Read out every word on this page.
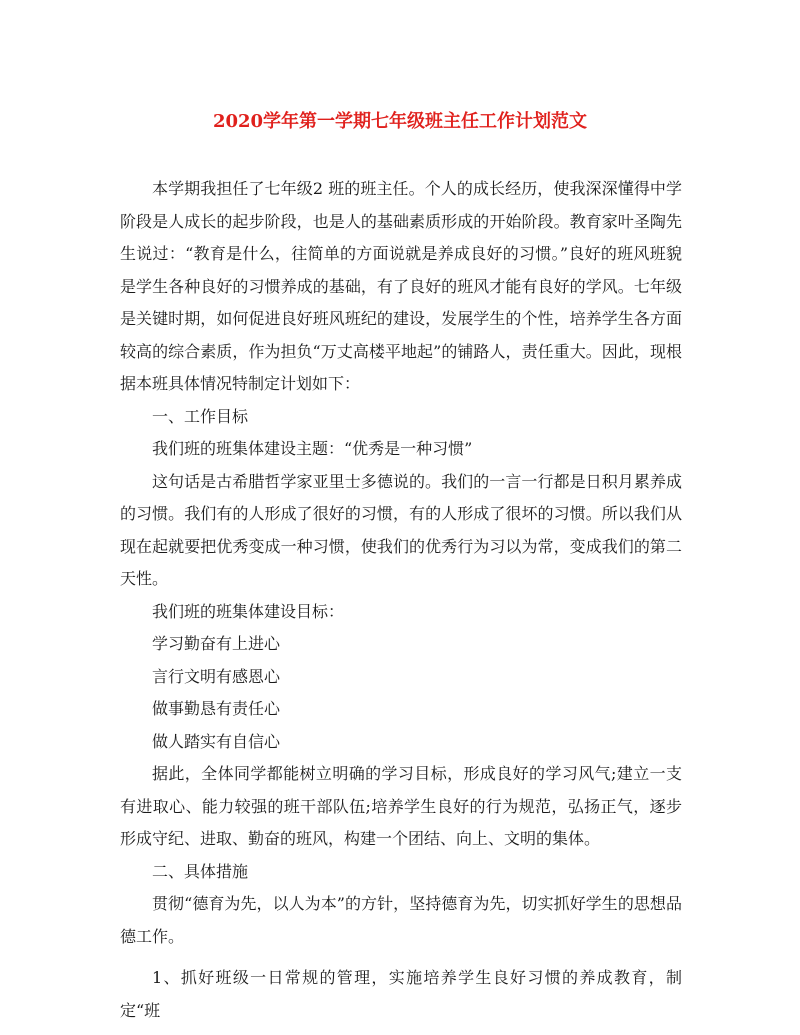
2020学年第一学期七年级班主任工作计划范文

本学期我担任了七年级2 班的班主任。个人的成长经历，使我深深懂得中学阶段是人成长的起步阶段，也是人的基础素质形成的开始阶段。教育家叶圣陶先生说过：“教育是什么，往简单的方面说就是养成良好的习惯。”良好的班风班貌是学生各种良好的习惯养成的基础，有了良好的班风才能有良好的学风。七年级是关键时期，如何促进良好班风班纪的建设，发展学生的个性，培养学生各方面较高的综合素质，作为担负“万丈高楼平地起”的铺路人，责任重大。因此，现根据本班具体情况特制定计划如下：

一、工作目标

我们班的班集体建设主题：“优秀是一种习惯”

这句话是古希腊哲学家亚里士多德说的。我们的一言一行都是日积月累养成的习惯。我们有的人形成了很好的习惯，有的人形成了很坏的习惯。所以我们从现在起就要把优秀变成一种习惯，使我们的优秀行为习以为常，变成我们的第二天性。

我们班的班集体建设目标：

学习勤奋有上进心

言行文明有感恩心

做事勤恳有责任心

做人踏实有自信心

据此，全体同学都能树立明确的学习目标，形成良好的学习风气;建立一支有进取心、能力较强的班干部队伍;培养学生良好的行为规范，弘扬正气，逐步形成守纪、进取、勤奋的班风，构建一个团结、向上、文明的集体。

二、具体措施

贯彻“德育为先，以人为本”的方针，坚持德育为先，切实抓好学生的思想品德工作。

1、抓好班级一日常规的管理，实施培养学生良好习惯的养成教育，制定“班
